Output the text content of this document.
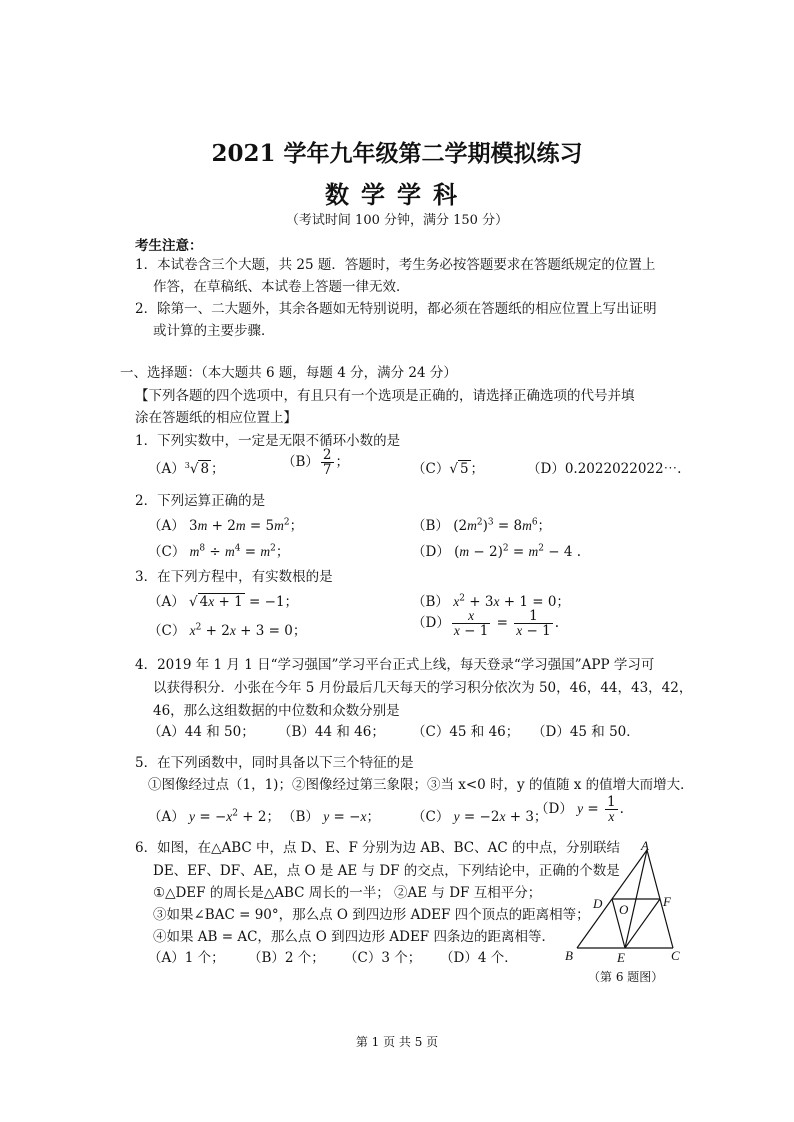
2021 学年九年级第二学期模拟练习
数学学科
（考试时间 100 分钟，满分 150 分）
考生注意：
1．本试卷含三个大题，共 25 题．答题时，考生务必按答题要求在答题纸规定的位置上
作答，在草稿纸、本试卷上答题一律无效．
2．除第一、二大题外，其余各题如无特别说明，都必须在答题纸的相应位置上写出证明
或计算的主要步骤．
一、选择题：（本大题共 6 题，每题 4 分，满分 24 分）
【下列各题的四个选项中，有且只有一个选项是正确的，请选择正确选项的代号并填
涂在答题纸的相应位置上】
1．下列实数中，一定是无限不循环小数的是
$(A)^3√$ 8 ；	$(B) \frac{2}{7}$ ；	（C）√ 5 ；	（D）0.2022022022⋯.
2．下列运算正确的是
（A） $3m + 2m = 5m^2$；	（B） $(2m^2)^3 = 8m^6$；
（C） $m^8 \div m^4 = m^2$；	（D） $(m - 2)^2 = m^2 - 4$ .
3．在下列方程中，有实数根的是
（A） √ 4x + 1 = −1；	（B） $x^2 + 3x + 1 = 0$；
（C） $x^2 + 2x + 3 = 0$；	$(D) \frac{x}{x - 1} = \frac{1}{x - 1}$ .
4．2019 年 1 月 1 日“学习强国”学习平台正式上线，每天登录“学习强国”APP 学习可
以获得积分．小张在今年 5 月份最后几天每天的学习积分依次为 50，46，44，43，42，
46，那么这组数据的中位数和众数分别是
（A）44 和 50； （B）44 和 46； （C）45 和 46； （D）45 和 50．
5．在下列函数中，同时具备以下三个特征的是
①图像经过点（1，1)；②图像经过第三象限；③当 x<0 时，y 的值随 x 的值增大而增大．
（A） $y = -x^2 + 2$； （B） y = −x； （C） y = −2x + 3；
（D） $y = \frac{1}{x}$ .
6．如图，在△ABC 中，点 D、E、F 分别为边 AB、BC、AC 的中点，分别联结
DE、EF、DF、AE，点 O 是 AE 与 DF 的交点，下列结论中，正确的个数是
①△DEF 的周长是△ABC 周长的一半； ②AE 与 DF 互相平分；
③如果∠BAC = 90°，那么点 O 到四边形 ADEF 四个顶点的距离相等；
④如果 AB = AC，那么点 O 到四边形 ADEF 四条边的距离相等．
（A）1 个； （B）2 个； （C）3 个； （D）4 个．
A
B	C
D
E
F
O
（第 6 题图）
第 1 页 共 5 页
